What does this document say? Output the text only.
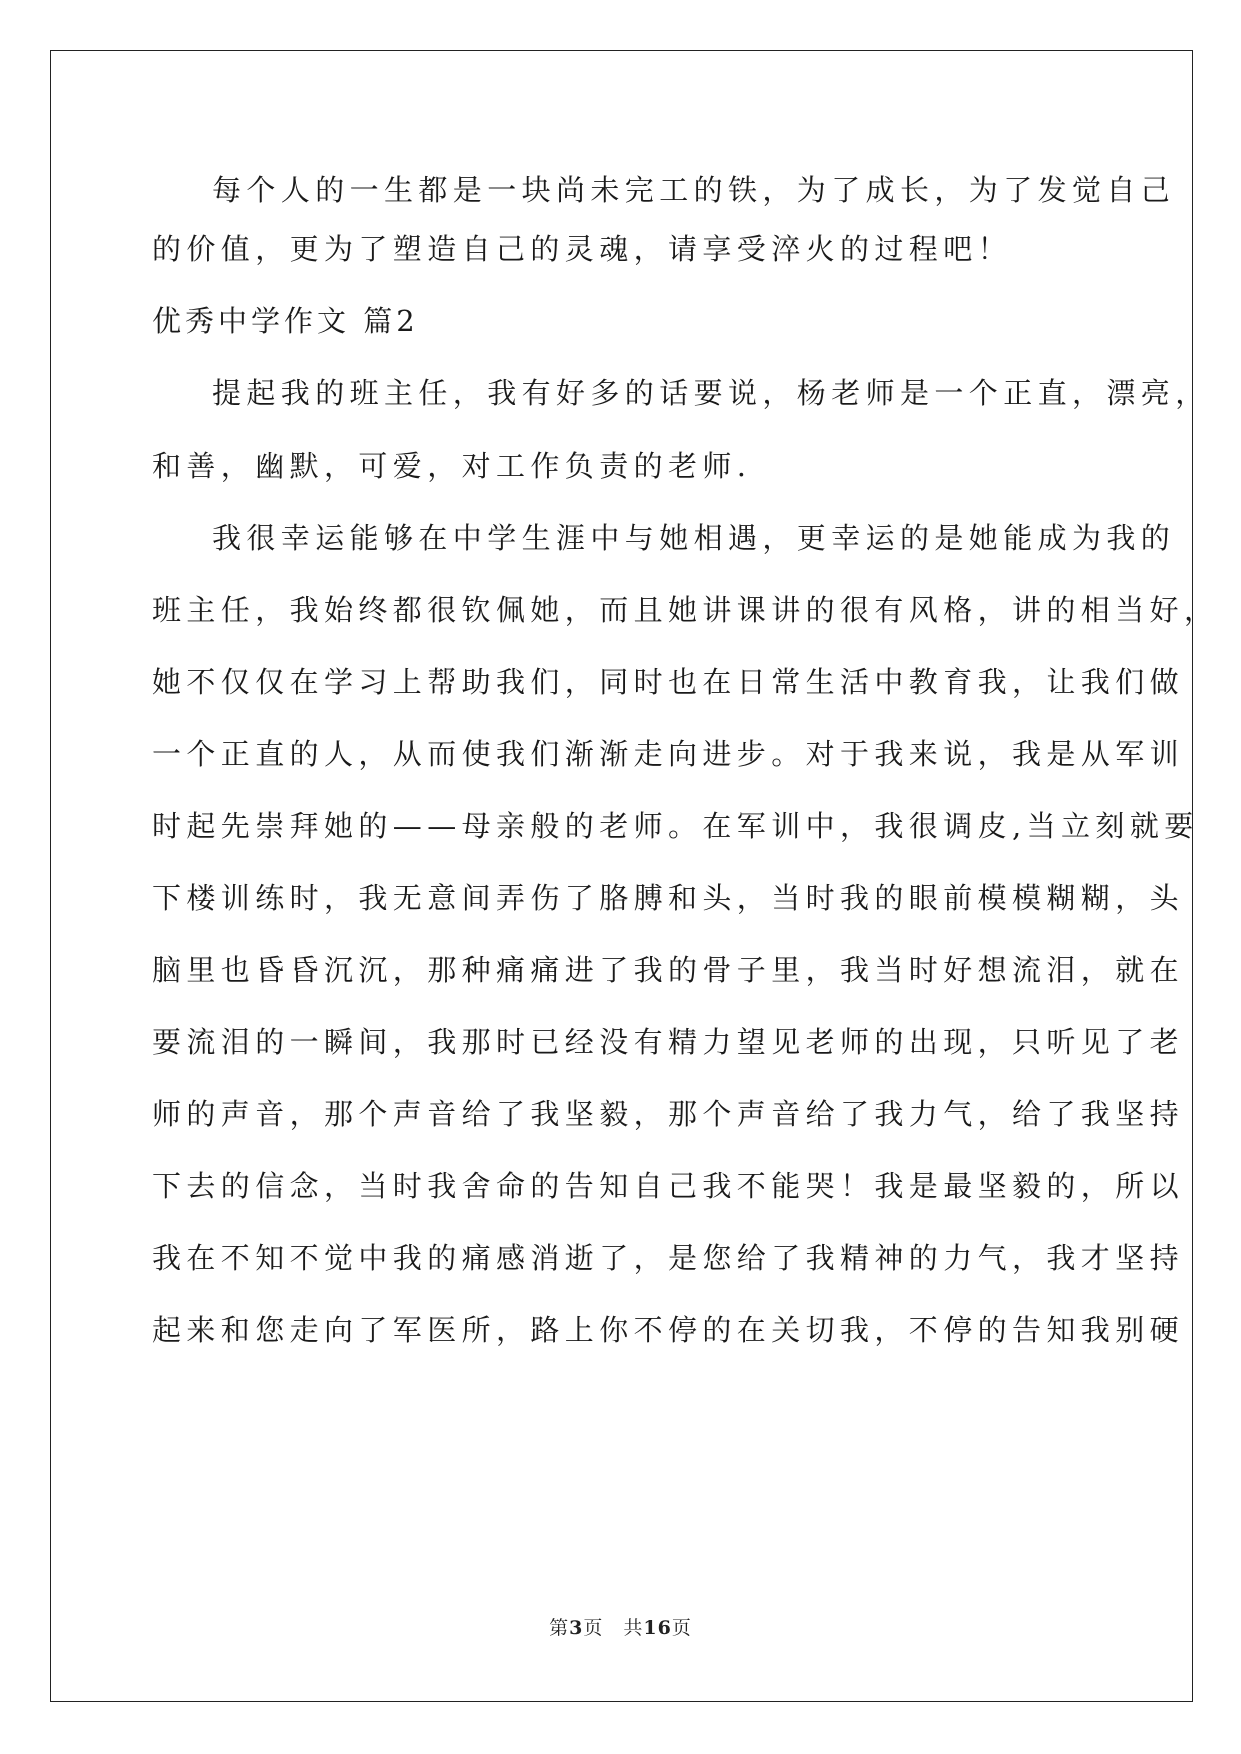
每个人的一生都是一块尚未完工的铁，为了成长，为了发觉自己
的价值，更为了塑造自己的灵魂，请享受淬火的过程吧！
优秀中学作文 篇2
提起我的班主任，我有好多的话要说，杨老师是一个正直，漂亮，
和善，幽默，可爱，对工作负责的老师.
我很幸运能够在中学生涯中与她相遇，更幸运的是她能成为我的
班主任，我始终都很钦佩她，而且她讲课讲的很有风格，讲的相当好，
她不仅仅在学习上帮助我们，同时也在日常生活中教育我，让我们做
一个正直的人，从而使我们渐渐走向进步。对于我来说，我是从军训
时起先崇拜她的——母亲般的老师。在军训中，我很调皮,当立刻就要
下楼训练时，我无意间弄伤了胳膊和头，当时我的眼前模模糊糊，头
脑里也昏昏沉沉，那种痛痛进了我的骨子里，我当时好想流泪，就在
要流泪的一瞬间，我那时已经没有精力望见老师的出现，只听见了老
师的声音，那个声音给了我坚毅，那个声音给了我力气，给了我坚持
下去的信念，当时我舍命的告知自己我不能哭！我是最坚毅的，所以
我在不知不觉中我的痛感消逝了，是您给了我精神的力气，我才坚持
起来和您走向了军医所，路上你不停的在关切我，不停的告知我别硬
第3页　共16页
